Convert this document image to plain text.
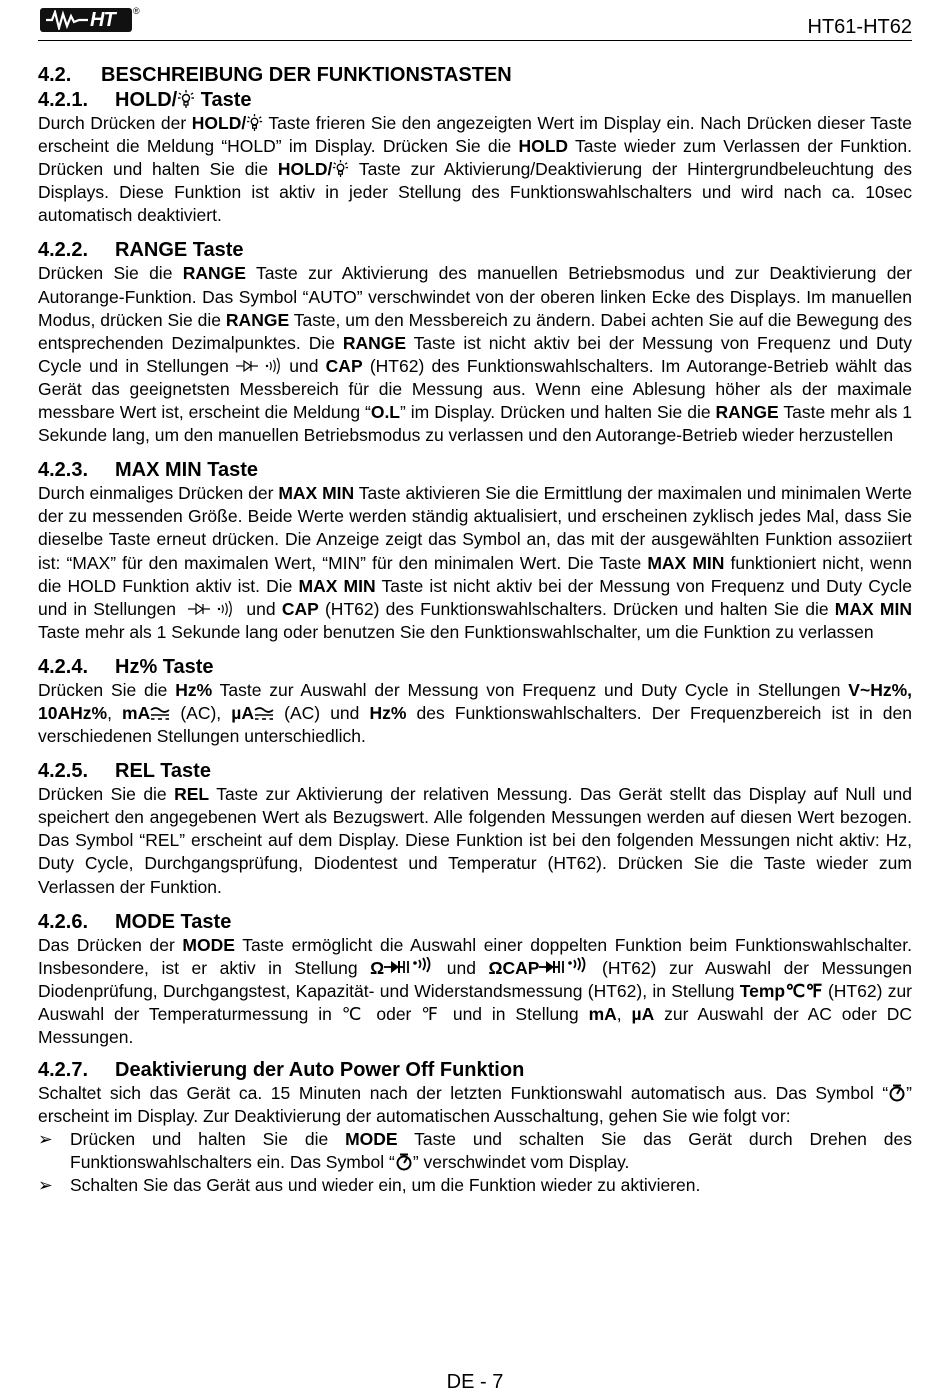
HT ®
HT61-HT62

4.2. BESCHREIBUNG DER FUNKTIONSTASTEN

4.2.1. HOLD/ Taste

Durch Drücken der HOLD/ Taste frieren Sie den angezeigten Wert im Display ein. Nach Drücken dieser Taste erscheint die Meldung “HOLD” im Display. Drücken Sie die HOLD Taste wieder zum Verlassen der Funktion. Drücken und halten Sie die HOLD/ Taste zur Aktivierung/Deaktivierung der Hintergrundbeleuchtung des Displays. Diese Funktion ist aktiv in jeder Stellung des Funktionswahlschalters und wird nach ca. 10sec automatisch deaktiviert.

4.2.2. RANGE Taste

Drücken Sie die RANGE Taste zur Aktivierung des manuellen Betriebsmodus und zur Deaktivierung der Autorange-Funktion. Das Symbol “AUTO” verschwindet von der oberen linken Ecke des Displays. Im manuellen Modus, drücken Sie die RANGE Taste, um den Messbereich zu ändern. Dabei achten Sie auf die Bewegung des entsprechenden Dezimalpunktes. Die RANGE Taste ist nicht aktiv bei der Messung von Frequenz und Duty Cycle und in Stellungen	und CAP (HT62) des Funktionswahlschalters. Im Autorange-Betrieb wählt das Gerät das geeignetsten Messbereich für die Messung aus. Wenn eine Ablesung höher als der maximale messbare Wert ist, erscheint die Meldung “O.L” im Display. Drücken und halten Sie die RANGE Taste mehr als 1 Sekunde lang, um den manuellen Betriebsmodus zu verlassen und den Autorange-Betrieb wieder herzustellen

4.2.3. MAX MIN Taste

Durch einmaliges Drücken der MAX MIN Taste aktivieren Sie die Ermittlung der maximalen und minimalen Werte der zu messenden Größe. Beide Werte werden ständig aktualisiert, und erscheinen zyklisch jedes Mal, dass Sie dieselbe Taste erneut drücken. Die Anzeige zeigt das Symbol an, das mit der ausgewählten Funktion assoziiert ist: “MAX” für den maximalen Wert, “MIN” für den minimalen Wert. Die Taste MAX MIN funktioniert nicht, wenn die HOLD Funktion aktiv ist. Die MAX MIN Taste ist nicht aktiv bei der Messung von Frequenz und Duty Cycle und in Stellungen	und CAP (HT62) des Funktionswahlschalters. Drücken und halten Sie die MAX MIN Taste mehr als 1 Sekunde lang oder benutzen Sie den Funktionswahlschalter, um die Funktion zu verlassen

4.2.4. Hz% Taste

Drücken Sie die Hz% Taste zur Auswahl der Messung von Frequenz und Duty Cycle in Stellungen V~Hz%, 10AHz%, mA (AC), µA (AC) und Hz% des Funktionswahlschalters. Der Frequenzbereich ist in den verschiedenen Stellungen unterschiedlich.

4.2.5. REL Taste

Drücken Sie die REL Taste zur Aktivierung der relativen Messung. Das Gerät stellt das Display auf Null und speichert den angegebenen Wert als Bezugswert. Alle folgenden Messungen werden auf diesen Wert bezogen. Das Symbol “REL” erscheint auf dem Display. Diese Funktion ist bei den folgenden Messungen nicht aktiv: Hz, Duty Cycle, Durchgangsprüfung, Diodentest und Temperatur (HT62). Drücken Sie die Taste wieder zum Verlassen der Funktion.

4.2.6. MODE Taste

Das Drücken der MODE Taste ermöglicht die Auswahl einer doppelten Funktion beim Funktionswahlschalter. Insbesondere, ist er aktiv in Stellung Ω	und ΩCAP	(HT62) zur Auswahl der Messungen Diodenprüfung, Durchgangstest, Kapazität- und Widerstandsmessung (HT62), in Stellung Temp℃℉ (HT62) zur Auswahl der Temperaturmessung in ℃ oder ℉ und in Stellung mA, µA zur Auswahl der AC oder DC Messungen.

4.2.7. Deaktivierung der Auto Power Off Funktion

Schaltet sich das Gerät ca. 15 Minuten nach der letzten Funktionswahl automatisch aus. Das Symbol “ ” erscheint im Display. Zur Deaktivierung der automatischen Ausschaltung, gehen Sie wie folgt vor:

➢ Drücken und halten Sie die MODE Taste und schalten Sie das Gerät durch Drehen des Funktionswahlschalters ein. Das Symbol “ ” verschwindet vom Display.
➢ Schalten Sie das Gerät aus und wieder ein, um die Funktion wieder zu aktivieren.
DE - 7
